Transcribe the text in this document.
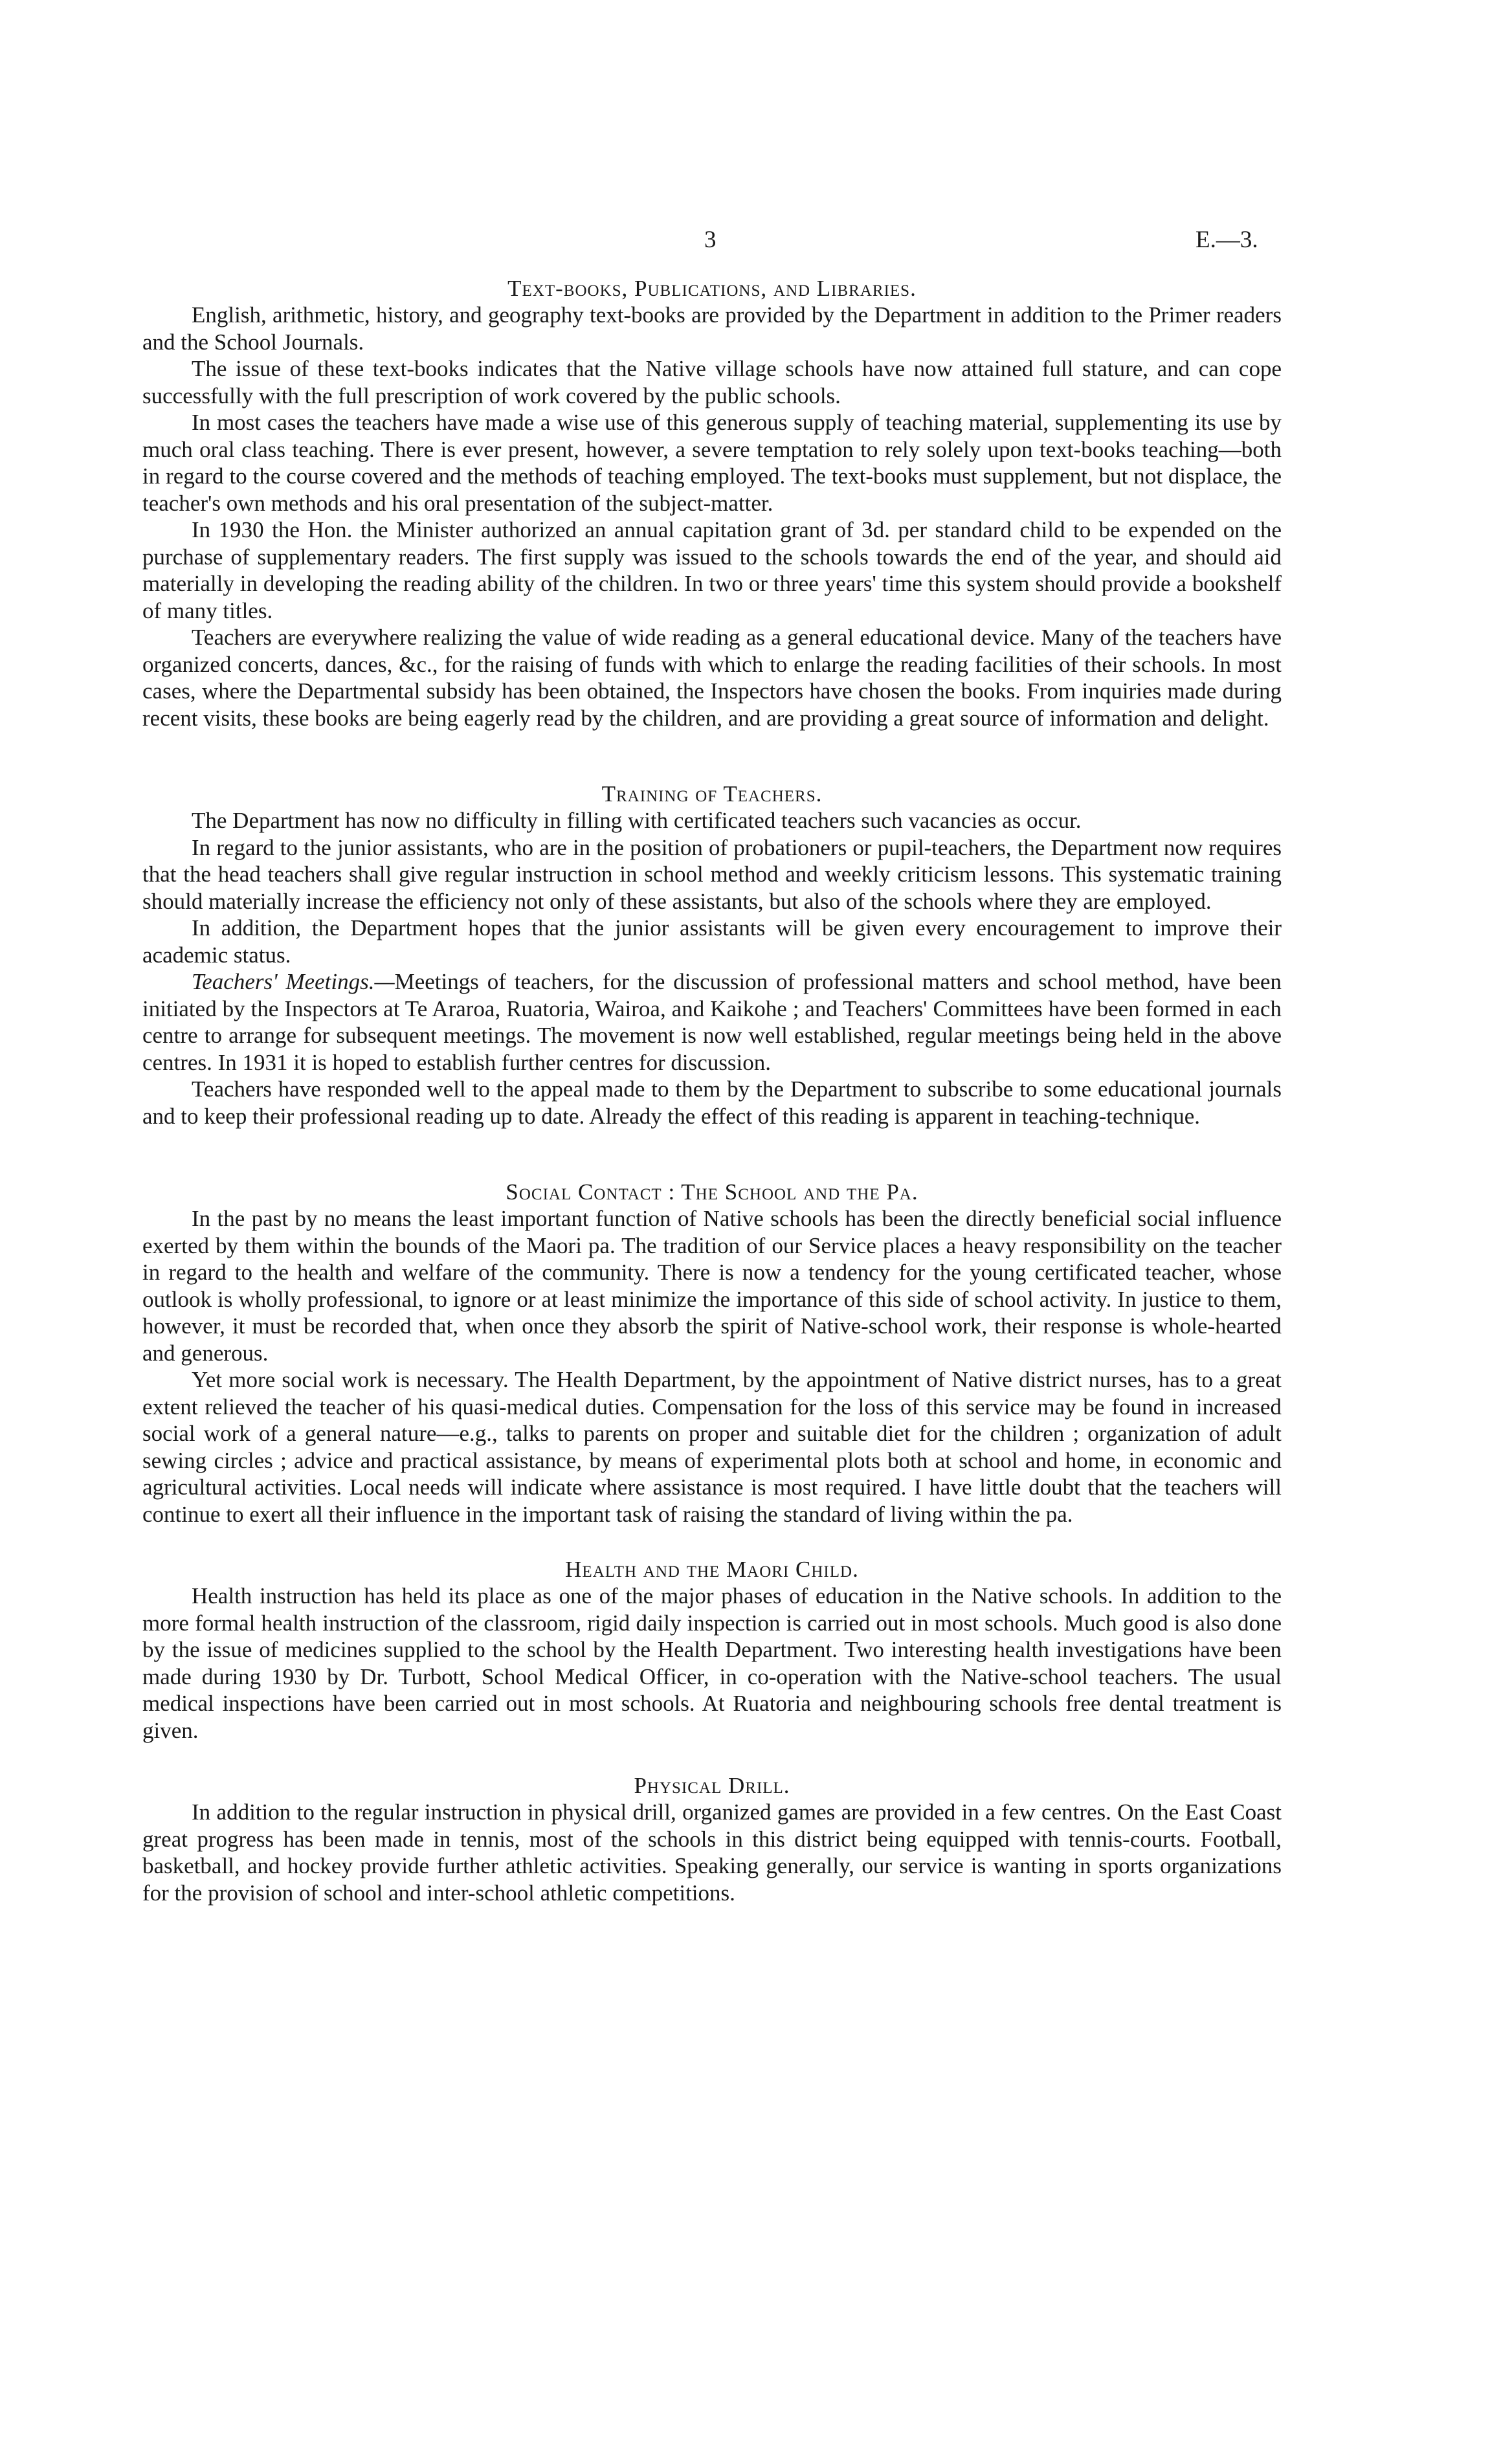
3	E.—3.
Text-books, Publications, and Libraries.

English, arithmetic, history, and geography text-books are provided by the Department in addition to the Primer readers and the School Journals.

The issue of these text-books indicates that the Native village schools have now attained full stature, and can cope successfully with the full prescription of work covered by the public schools.

In most cases the teachers have made a wise use of this generous supply of teaching material, supplementing its use by much oral class teaching. There is ever present, however, a severe temptation to rely solely upon text-books teaching—both in regard to the course covered and the methods of teaching employed. The text-books must supplement, but not displace, the teacher's own methods and his oral presentation of the subject-matter.

In 1930 the Hon. the Minister authorized an annual capitation grant of 3d. per standard child to be expended on the purchase of supplementary readers. The first supply was issued to the schools towards the end of the year, and should aid materially in developing the reading ability of the children. In two or three years' time this system should provide a bookshelf of many titles.

Teachers are everywhere realizing the value of wide reading as a general educational device. Many of the teachers have organized concerts, dances, &c., for the raising of funds with which to enlarge the reading facilities of their schools. In most cases, where the Departmental subsidy has been obtained, the Inspectors have chosen the books. From inquiries made during recent visits, these books are being eagerly read by the children, and are providing a great source of information and delight.

Training of Teachers.

The Department has now no difficulty in filling with certificated teachers such vacancies as occur.

In regard to the junior assistants, who are in the position of probationers or pupil-teachers, the Department now requires that the head teachers shall give regular instruction in school method and weekly criticism lessons. This systematic training should materially increase the efficiency not only of these assistants, but also of the schools where they are employed.

In addition, the Department hopes that the junior assistants will be given every encouragement to improve their academic status.

Teachers' Meetings.—Meetings of teachers, for the discussion of professional matters and school method, have been initiated by the Inspectors at Te Araroa, Ruatoria, Wairoa, and Kaikohe ; and Teachers' Committees have been formed in each centre to arrange for subsequent meetings. The movement is now well established, regular meetings being held in the above centres. In 1931 it is hoped to establish further centres for discussion.

Teachers have responded well to the appeal made to them by the Department to subscribe to some educational journals and to keep their professional reading up to date. Already the effect of this reading is apparent in teaching-technique.

Social Contact : The School and the Pa.

In the past by no means the least important function of Native schools has been the directly beneficial social influence exerted by them within the bounds of the Maori pa. The tradition of our Service places a heavy responsibility on the teacher in regard to the health and welfare of the community. There is now a tendency for the young certificated teacher, whose outlook is wholly professional, to ignore or at least minimize the importance of this side of school activity. In justice to them, however, it must be recorded that, when once they absorb the spirit of Native-school work, their response is whole-hearted and generous.

Yet more social work is necessary. The Health Department, by the appointment of Native district nurses, has to a great extent relieved the teacher of his quasi-medical duties. Compensation for the loss of this service may be found in increased social work of a general nature—e.g., talks to parents on proper and suitable diet for the children ; organization of adult sewing circles ; advice and practical assistance, by means of experimental plots both at school and home, in economic and agricultural activities. Local needs will indicate where assistance is most required. I have little doubt that the teachers will continue to exert all their influence in the important task of raising the standard of living within the pa.

Health and the Maori Child.

Health instruction has held its place as one of the major phases of education in the Native schools. In addition to the more formal health instruction of the classroom, rigid daily inspection is carried out in most schools. Much good is also done by the issue of medicines supplied to the school by the Health Department. Two interesting health investigations have been made during 1930 by Dr. Turbott, School Medical Officer, in co-operation with the Native-school teachers. The usual medical inspections have been carried out in most schools. At Ruatoria and neighbouring schools free dental treatment is given.

Physical Drill.

In addition to the regular instruction in physical drill, organized games are provided in a few centres. On the East Coast great progress has been made in tennis, most of the schools in this district being equipped with tennis-courts. Football, basketball, and hockey provide further athletic activities. Speaking generally, our service is wanting in sports organizations for the provision of school and inter-school athletic competitions.
